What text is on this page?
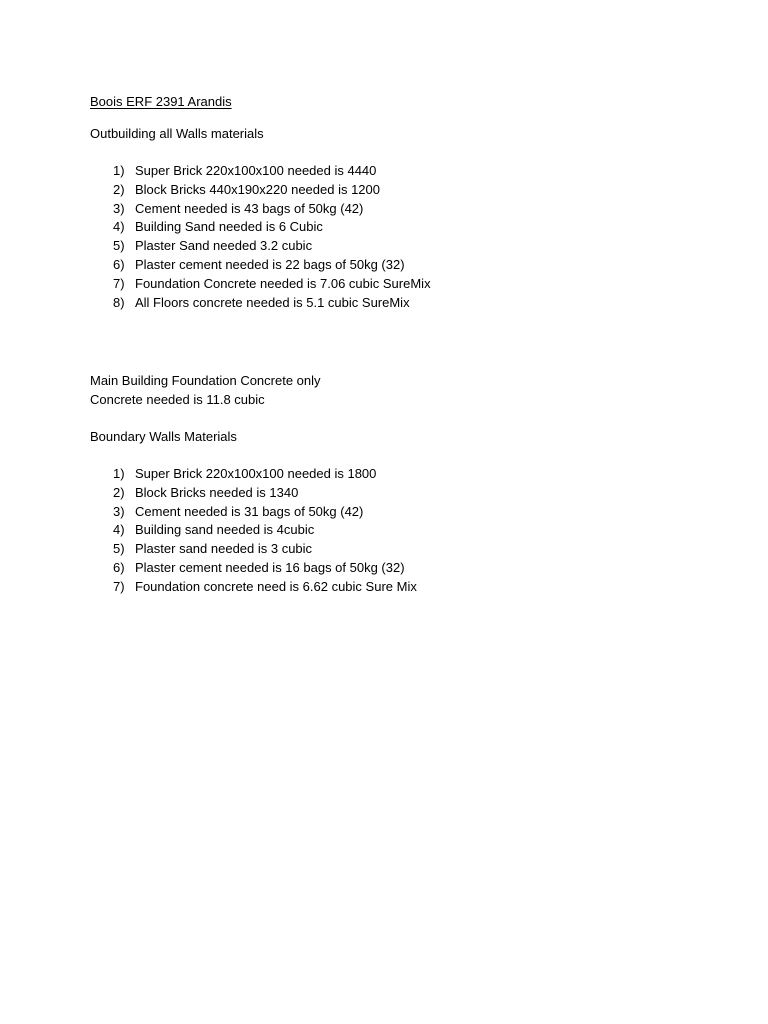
Boois ERF 2391 Arandis
Outbuilding all Walls materials
1) Super Brick 220x100x100 needed is 4440
2) Block Bricks 440x190x220 needed is 1200
3) Cement needed is 43 bags of 50kg (42)
4) Building Sand needed is 6 Cubic
5) Plaster Sand needed 3.2 cubic
6) Plaster cement needed is 22 bags of 50kg (32)
7) Foundation Concrete needed is 7.06 cubic SureMix
8) All Floors concrete needed is 5.1 cubic SureMix
Main Building Foundation Concrete only
Concrete needed is 11.8 cubic
Boundary Walls Materials
1) Super Brick 220x100x100 needed is 1800
2) Block Bricks needed is 1340
3) Cement needed is 31 bags of 50kg (42)
4) Building sand needed is 4cubic
5) Plaster sand needed is 3 cubic
6) Plaster cement needed is 16 bags of 50kg (32)
7) Foundation concrete need is 6.62 cubic Sure Mix
